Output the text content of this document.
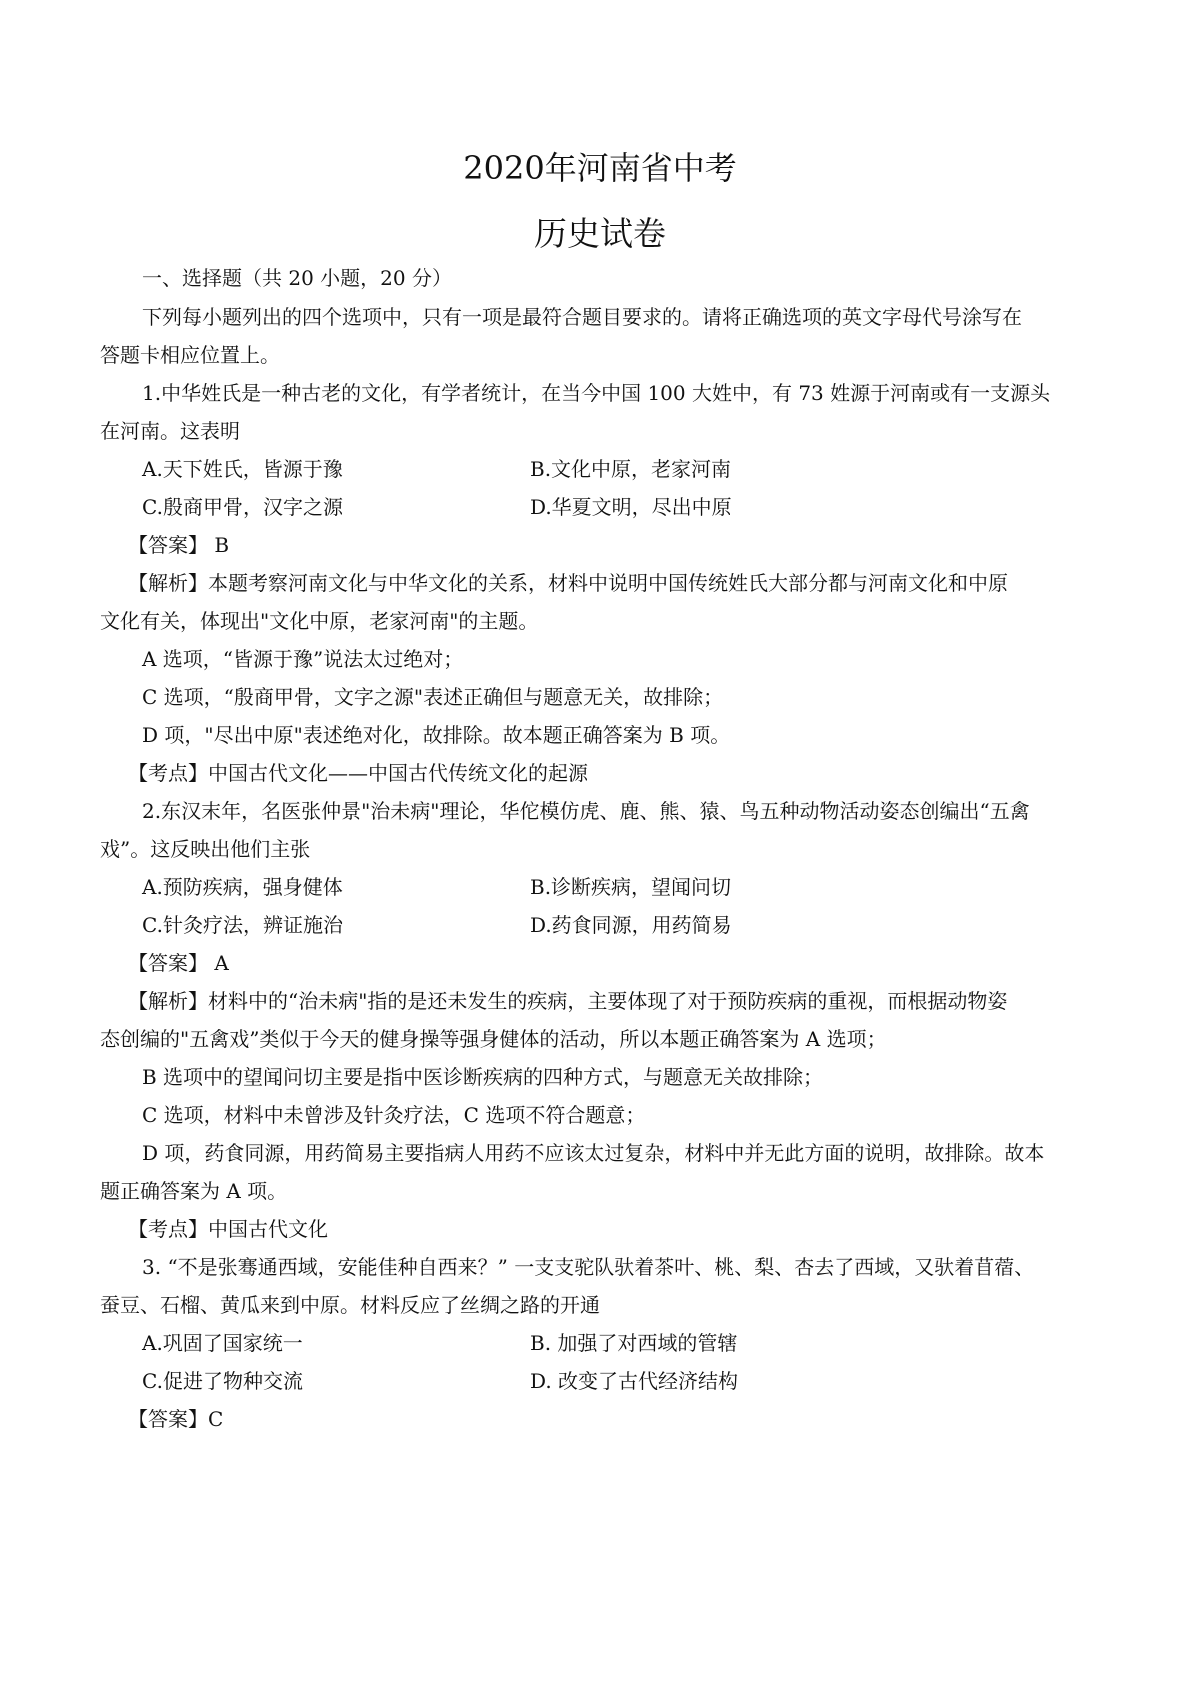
2020年河南省中考
历史试卷
一、选择题（共 20 小题，20 分）
下列每小题列出的四个选项中，只有一项是最符合题目要求的。请将正确选项的英文字母代号涂写在
答题卡相应位置上。
1.中华姓氏是一种古老的文化，有学者统计，在当今中国 100 大姓中，有 73 姓源于河南或有一支源头
在河南。这表明
A.天下姓氏，皆源于豫	B.文化中原，老家河南
C.殷商甲骨，汉字之源	D.华夏文明，尽出中原
【答案】 B
【解析】本题考察河南文化与中华文化的关系，材料中说明中国传统姓氏大部分都与河南文化和中原
文化有关，体现出"文化中原，老家河南"的主题。
A 选项，“皆源于豫”说法太过绝对；
C 选项，“殷商甲骨，文字之源"表述正确但与题意无关，故排除；
D 项，"尽出中原"表述绝对化，故排除。故本题正确答案为 B 项。
【考点】中国古代文化——中国古代传统文化的起源
2.东汉末年，名医张仲景"治未病"理论，华佗模仿虎、鹿、熊、猿、鸟五种动物活动姿态创编出“五禽
戏”。这反映出他们主张
A.预防疾病，强身健体	B.诊断疾病，望闻问切
C.针灸疗法，辨证施治	D.药食同源，用药简易
【答案】 A
【解析】材料中的“治未病"指的是还未发生的疾病，主要体现了对于预防疾病的重视，而根据动物姿
态创编的"五禽戏”类似于今天的健身操等强身健体的活动，所以本题正确答案为 A 选项；
B 选项中的望闻问切主要是指中医诊断疾病的四种方式，与题意无关故排除；
C 选项，材料中未曾涉及针灸疗法，C 选项不符合题意；
D 项，药食同源，用药简易主要指病人用药不应该太过复杂，材料中并无此方面的说明，故排除。故本
题正确答案为 A 项。
【考点】中国古代文化
3. “不是张骞通西域，安能佳种自西来？” 一支支驼队驮着茶叶、桃、梨、杏去了西域，又驮着苜蓿、
蚕豆、石榴、黄瓜来到中原。材料反应了丝绸之路的开通
A.巩固了国家统一	B. 加强了对西域的管辖
C.促进了物种交流	D. 改变了古代经济结构
【答案】C
